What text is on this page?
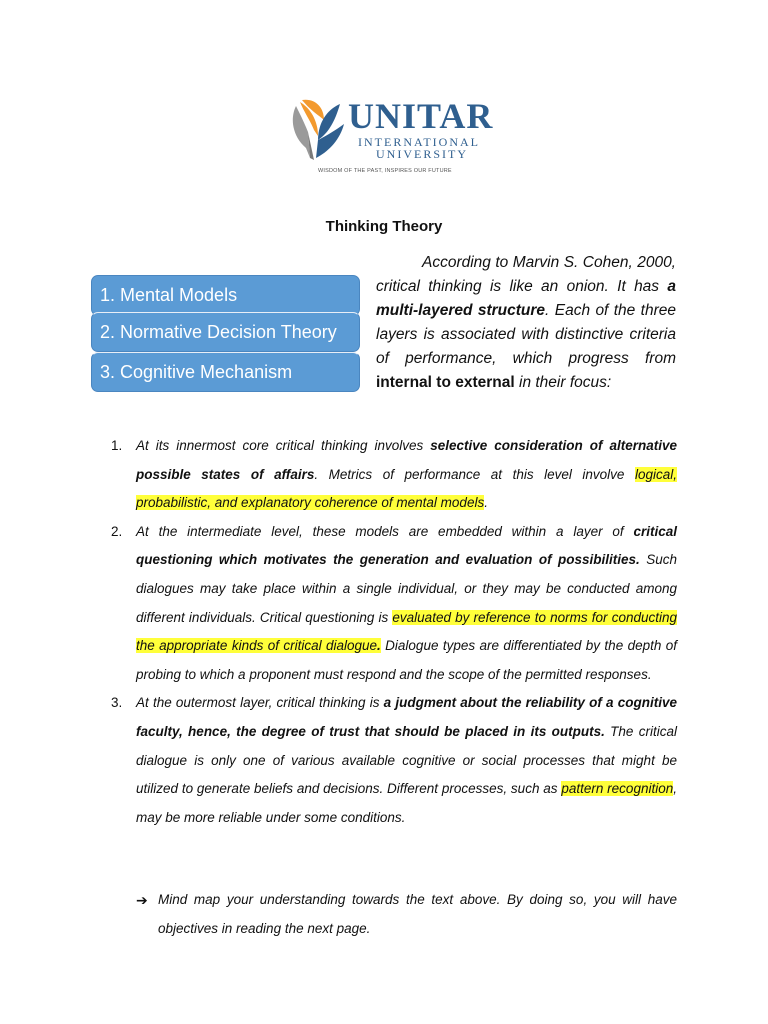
UNITAR
INTERNATIONAL
UNIVERSITY
WISDOM OF THE PAST, INSPIRES OUR FUTURE
Thinking Theory
1. Mental Models
2. Normative Decision Theory
3. Cognitive Mechanism

According to Marvin S. Cohen, 2000, critical thinking is like an onion. It has a multi-layered structure. Each of the three layers is associated with distinctive criteria of performance, which progress from internal to external in their focus:

1. At its innermost core critical thinking involves selective consideration of alternative possible states of affairs. Metrics of performance at this level involve logical, probabilistic, and explanatory coherence of mental models.
2. At the intermediate level, these models are embedded within a layer of critical questioning which motivates the generation and evaluation of possibilities. Such dialogues may take place within a single individual, or they may be conducted among different individuals. Critical questioning is evaluated by reference to norms for conducting the appropriate kinds of critical dialogue. Dialogue types are differentiated by the depth of probing to which a proponent must respond and the scope of the permitted responses.
3. At the outermost layer, critical thinking is a judgment about the reliability of a cognitive faculty, hence, the degree of trust that should be placed in its outputs. The critical dialogue is only one of various available cognitive or social processes that might be utilized to generate beliefs and decisions. Different processes, such as pattern recognition, may be more reliable under some conditions.
➔ Mind map your understanding towards the text above. By doing so, you will have
objectives in reading the next page.
